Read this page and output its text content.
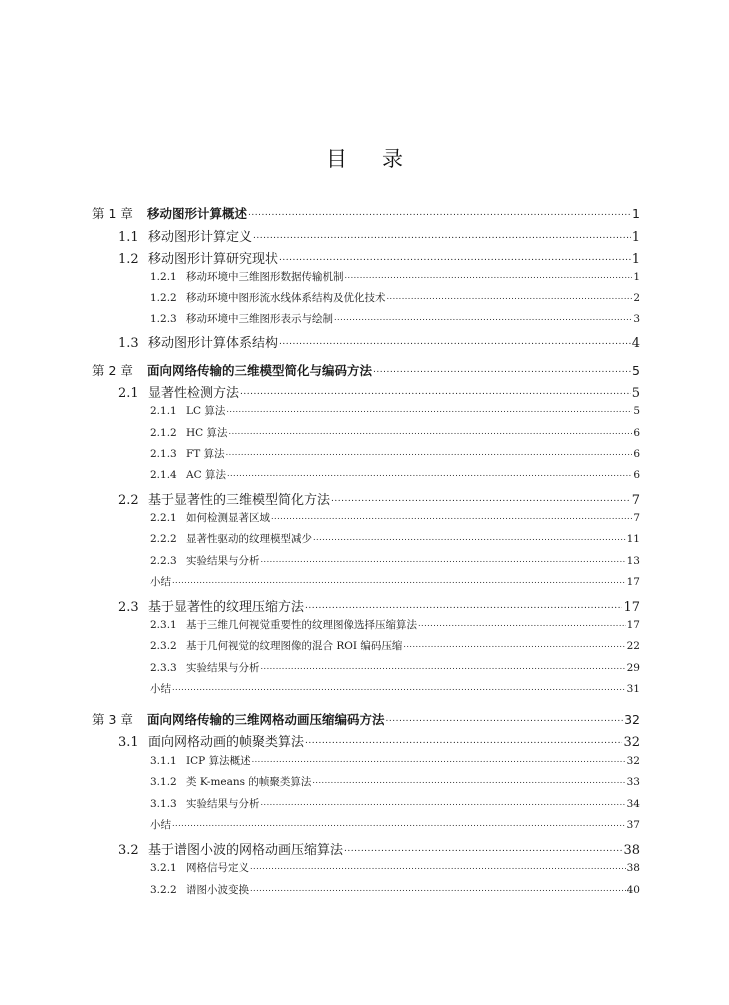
目录
第 1 章	移动图形计算概述 .....	1
1.1 移动图形计算定义 .....	1
1.2 移动图形计算研究现状 .....	1
1.2.1 移动环境中三维图形数据传输机制 .....	1
1.2.2 移动环境中图形流水线体系结构及优化技术 .....	2
1.2.3 移动环境中三维图形表示与绘制 .....	3
1.3 移动图形计算体系结构 .....	4
第 2 章	面向网络传输的三维模型简化与编码方法 .....	5
2.1 显著性检测方法 .....	5
2.1.1 LC 算法 .....	5
2.1.2 HC 算法 .....	6
2.1.3 FT 算法 .....	6
2.1.4 AC 算法 .....	6
2.2 基于显著性的三维模型简化方法 .....	7
2.2.1 如何检测显著区域 .....	7
2.2.2 显著性驱动的纹理模型减少 .....	11
2.2.3 实验结果与分析 .....	13
小结 .....	17
2.3 基于显著性的纹理压缩方法 .....	17
2.3.1 基于三维几何视觉重要性的纹理图像选择压缩算法 .....	17
2.3.2 基于几何视觉的纹理图像的混合 ROI 编码压缩 .....	22
2.3.3 实验结果与分析 .....	29
小结 .....	31
第 3 章	面向网络传输的三维网格动画压缩编码方法 .....	32
3.1 面向网格动画的帧聚类算法 .....	32
3.1.1 ICP 算法概述 .....	32
3.1.2 类 K-means 的帧聚类算法 .....	33
3.1.3 实验结果与分析 .....	34
小结 .....	37
3.2 基于谱图小波的网格动画压缩算法 .....	38
3.2.1 网格信号定义 .....	38
3.2.2 谱图小波变换 .....	40
